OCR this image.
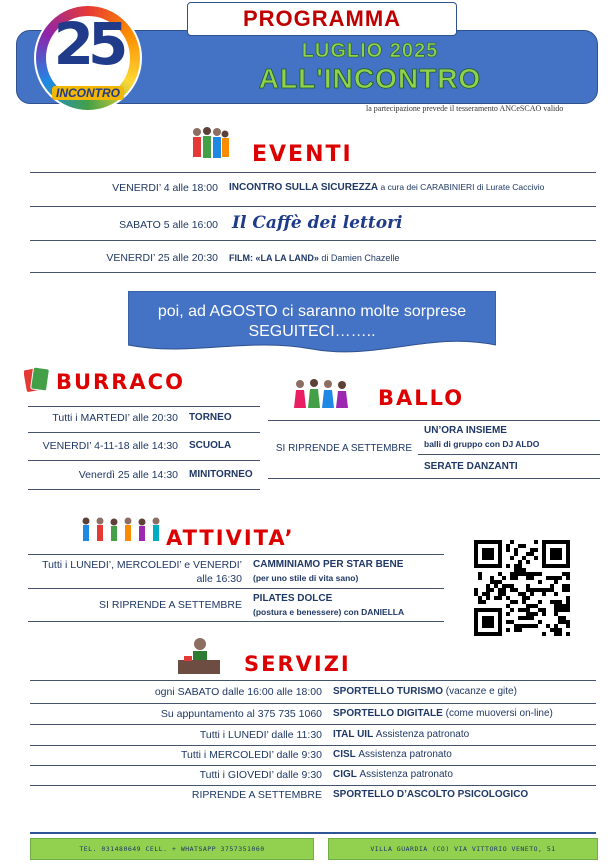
PROGRAMMA
LUGLIO 2025
ALL'INCONTRO
25
INCONTRO
la partecipazione prevede il tesseramento ANCeSCAO valido
EVENTI
VENERDI’ 4 alle 18:00 INCONTRO SULLA SICUREZZA a cura dei CARABINIERI di Lurate Caccivio
SABATO 5 alle 16:00 Il Caffè dei lettori
VENERDI’ 25 alle 20:30 FILM: «LA LA LAND» di Damien Chazelle
poi, ad AGOSTO ci saranno molte sorprese
SEGUITECI……..
BURRACO
Tutti i MARTEDI’ alle 20:30 TORNEO
VENERDI’ 4-11-18 alle 14:30 SCUOLA
Venerdì 25 alle 14:30 MINITORNEO
BALLO
SI RIPRENDE A SETTEMBRE
UN’ORA INSIEME
balli di gruppo con DJ ALDO
SERATE DANZANTI
ATTIVITA’
Tutti i LUNEDI’, MERCOLEDI’ e VENERDI’
alle 16:30
CAMMINIAMO PER STAR BENE
(per uno stile di vita sano)
SI RIPRENDE A SETTEMBRE
PILATES DOLCE
(postura e benessere) con DANIELLA
SERVIZI
ogni SABATO dalle 16:00 alle 18:00 SPORTELLO TURISMO (vacanze e gite)
Su appuntamento al 375 735 1060 SPORTELLO DIGITALE (come muoversi on-line)
Tutti i LUNEDI’ dalle 11:30 ITAL UIL Assistenza patronato
Tutti i MERCOLEDI’ dalle 9:30 CISL Assistenza patronato
Tutti i GIOVEDI’ dalle 9:30 CIGL Assistenza patronato
RIPRENDE A SETTEMBRE SPORTELLO D’ASCOLTO PSICOLOGICO
TEL. 031480649 CELL. + WHATSAPP 3757351060	VILLA GUARDIA (CO) VIA VITTORIO VENETO, 51
